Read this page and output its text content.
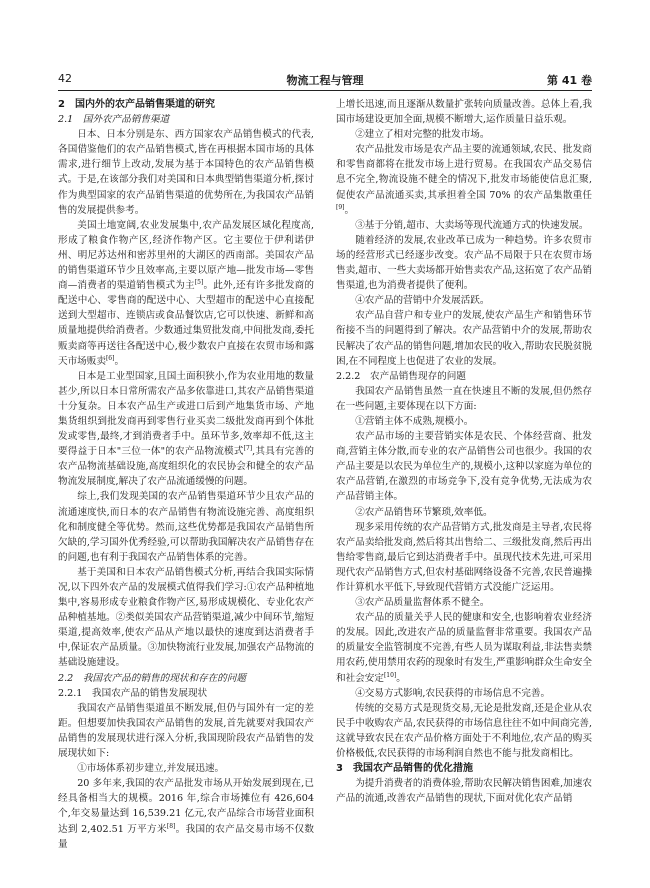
42	物流工程与管理	第 41 卷

2　国内外的农产品销售渠道的研究

2.1　国外农产品销售渠道

日本、日本分别是东、西方国家农产品销售模式的代表,各国借鉴他们的农产品销售模式,皆在再根据本国市场的具体需求,进行细节上改动,发展为基于本国特色的农产品销售模式。于是,在该部分我们对美国和日本典型销售渠道分析,探讨作为典型国家的农产品销售渠道的优势所在,为我国农产品销售的发展提供参考。

美国土地宽阔,农业发展集中,农产品发展区域化程度高,形成了粮食作物产区,经济作物产区。它主要位于伊利诺伊州、明尼苏达州和密苏里州的大湖区的西南部。美国农产品的销售渠道环节少且效率高,主要以原产地—批发市场—零售商—消费者的渠道销售模式为主[5]。此外,还有许多批发商的配送中心、零售商的配送中心、大型超市的配送中心直接配送到大型超市、连锁店或食品餐饮店,它可以快速、新鲜和高质量地提供给消费者。少数通过集贸批发商,中间批发商,委托贩卖商等再送往各配送中心,极少数农户直接在农贸市场和露天市场贩卖[6]。

日本是工业型国家,且国土面积狭小,作为农业用地的数量甚少,所以日本日常所需农产品多依靠进口,其农产品销售渠道十分复杂。日本农产品生产或进口后到产地集货市场、产地集货组织到批发商再到零售行业买卖二级批发商再到个体批发或零售,最终,才到消费者手中。虽环节多,效率却不低,这主要得益于日本"三位一体"的农产品物流模式[7],其具有完善的农产品物流基础设施,高度组织化的农民协会和健全的农产品物流发展制度,解决了农产品流通缓慢的问题。

综上,我们发现美国的农产品销售渠道环节少且农产品的流通速度快,而日本的农产品销售有物流设施完善、高度组织化和制度健全等优势。然而,这些优势都是我国农产品销售所欠缺的,学习国外优秀经验,可以帮助我国解决农产品销售存在的问题,也有利于我国农产品销售体系的完善。

基于美国和日本农产品销售模式分析,再结合我国实际情况,以下四外农产品的发展模式值得我们学习:①农产品种植地集中,容易形成专业粮食作物产区,易形成规模化、专业化农产品种植基地。②类似美国农产品营销渠道,减少中间环节,缩短渠道,提高效率,使农产品从产地以最快的速度到达消费者手中,保证农产品质量。③加快物流行业发展,加强农产品物流的基础设施建设。

2.2　我国农产品的销售的现状和存在的问题

2.2.1　我国农产品的销售发展现状

我国农产品销售渠道虽不断发展,但仍与国外有一定的差距。但想要加快我国农产品销售的发展,首先就要对我国农产品销售的发展现状进行深入分析,我国现阶段农产品销售的发展现状如下:

①市场体系初步建立,并发展迅速。

20 多年来,我国的农产品批发市场从开始发展到现在,已经具备相当大的规模。2016 年,综合市场摊位有 426,604 个,年交易量达到 16,539.21 亿元,农产品综合市场营业面积达到 2,402.51 万平方米[8]。我国的农产品交易市场不仅数量

上增长迅速,而且逐渐从数量扩张转向质量改善。总体上看,我国市场建设更加全面,规模不断增大,运作质量日益乐观。

②建立了相对完整的批发市场。

农产品批发市场是农产品主要的流通领域,农民、批发商和零售商都将在批发市场上进行贸易。在我国农产品交易信息不完全,物流设施不健全的情况下,批发市场能使信息汇聚,促使农产品流通买卖,其承担着全国 70% 的农产品集散重任[9]。

③基于分销,超市、大卖场等现代流通方式的快速发展。

随着经济的发展,农业改革已成为一种趋势。许多农贸市场的经营形式已经逐步改变。农产品不局限于只在农贸市场售卖,超市、一些大卖场都开始售卖农产品,这拓宽了农产品销售渠道,也为消费者提供了便利。

④农产品的营销中介发展活跃。

农产品自营户和专业户的发展,使农产品生产和销售环节衔接不当的问题得到了解决。农产品营销中介的发展,帮助农民解决了农产品的销售问题,增加农民的收入,帮助农民脱贫脱困,在不同程度上也促进了农业的发展。

2.2.2　农产品销售现存的问题

我国农产品销售虽然一直在快速且不断的发展,但仍然存在一些问题,主要体现在以下方面:

①营销主体不成熟,规模小。

农产品市场的主要营销实体是农民、个体经营商、批发商,营销主体分散,而专业的农产品销售公司也很少。我国的农产品主要是以农民为单位生产的,规模小,这种以家庭为单位的农产品营销,在激烈的市场竞争下,没有竞争优势,无法成为农产品营销主体。

②农产品销售环节繁琐,效率低。

现多采用传统的农产品营销方式,批发商是主导者,农民将农产品卖给批发商,然后将其出售给二、三级批发商,然后再出售给零售商,最后它到达消费者手中。虽现代技术先进,可采用现代农产品销售方式,但农村基础网络设备不完善,农民普遍操作计算机水平低下,导致现代营销方式没能广泛运用。

③农产品质量监督体系不健全。

农产品的质量关乎人民的健康和安全,也影响着农业经济的发展。因此,改进农产品的质量监督非常重要。我国农产品的质量安全监管制度不完善,有些人员为谋取利益,非法售卖禁用农药,使用禁用农药的现象时有发生,严重影响群众生命安全和社会安定[10]。

④交易方式影响,农民获得的市场信息不完善。

传统的交易方式是现货交易,无论是批发商,还是企业从农民手中收购农产品,农民获得的市场信息往往不如中间商完善,这就导致农民在农产品价格方面处于不利地位,农产品的购买价格极低,农民获得的市场利润自然也不能与批发商相比。

3　我国农产品销售的优化措施

为提升消费者的消费体验,帮助农民解决销售困难,加速农产品的流通,改善农产品销售的现状,下面对优化农产品销
